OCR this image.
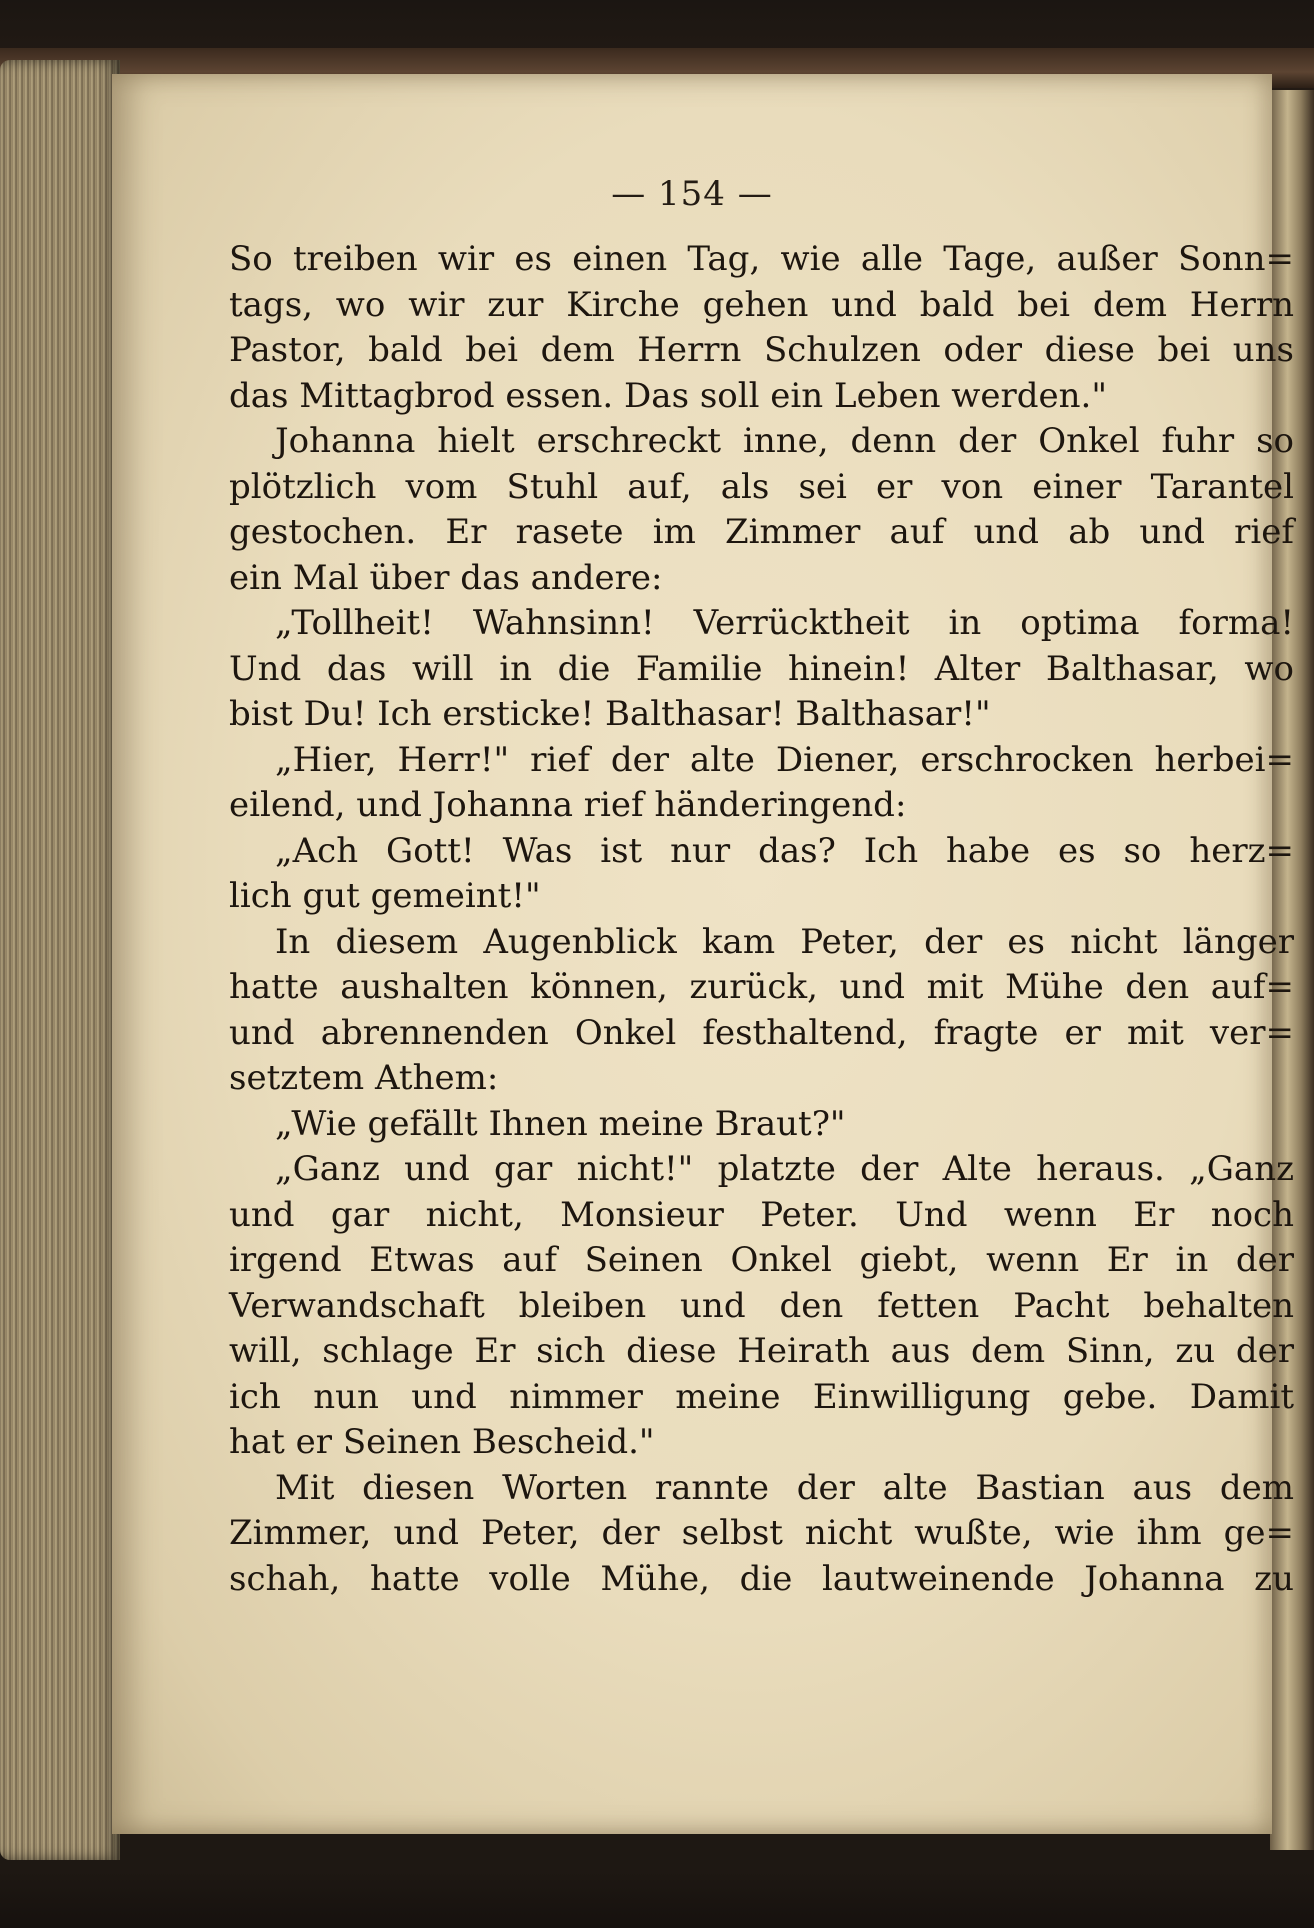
— 154 —
So treiben wir es einen Tag, wie alle Tage, außer Sonn=
tags, wo wir zur Kirche gehen und bald bei dem Herrn
Pastor, bald bei dem Herrn Schulzen oder diese bei uns
das Mittagbrod essen. Das soll ein Leben werden."
Johanna hielt erschreckt inne, denn der Onkel fuhr so
plötzlich vom Stuhl auf, als sei er von einer Tarantel
gestochen. Er rasete im Zimmer auf und ab und rief
ein Mal über das andere:
„Tollheit! Wahnsinn! Verrücktheit in optima forma!
Und das will in die Familie hinein! Alter Balthasar, wo
bist Du! Ich ersticke! Balthasar! Balthasar!"
„Hier, Herr!" rief der alte Diener, erschrocken herbei=
eilend, und Johanna rief händeringend:
„Ach Gott! Was ist nur das? Ich habe es so herz=
lich gut gemeint!"
In diesem Augenblick kam Peter, der es nicht länger
hatte aushalten können, zurück, und mit Mühe den auf=
und abrennenden Onkel festhaltend, fragte er mit ver=
setztem Athem:
„Wie gefällt Ihnen meine Braut?"
„Ganz und gar nicht!" platzte der Alte heraus. „Ganz
und gar nicht, Monsieur Peter. Und wenn Er noch
irgend Etwas auf Seinen Onkel giebt, wenn Er in der
Verwandschaft bleiben und den fetten Pacht behalten
will, schlage Er sich diese Heirath aus dem Sinn, zu der
ich nun und nimmer meine Einwilligung gebe. Damit
hat er Seinen Bescheid."
Mit diesen Worten rannte der alte Bastian aus dem
Zimmer, und Peter, der selbst nicht wußte, wie ihm ge=
schah, hatte volle Mühe, die lautweinende Johanna zu
